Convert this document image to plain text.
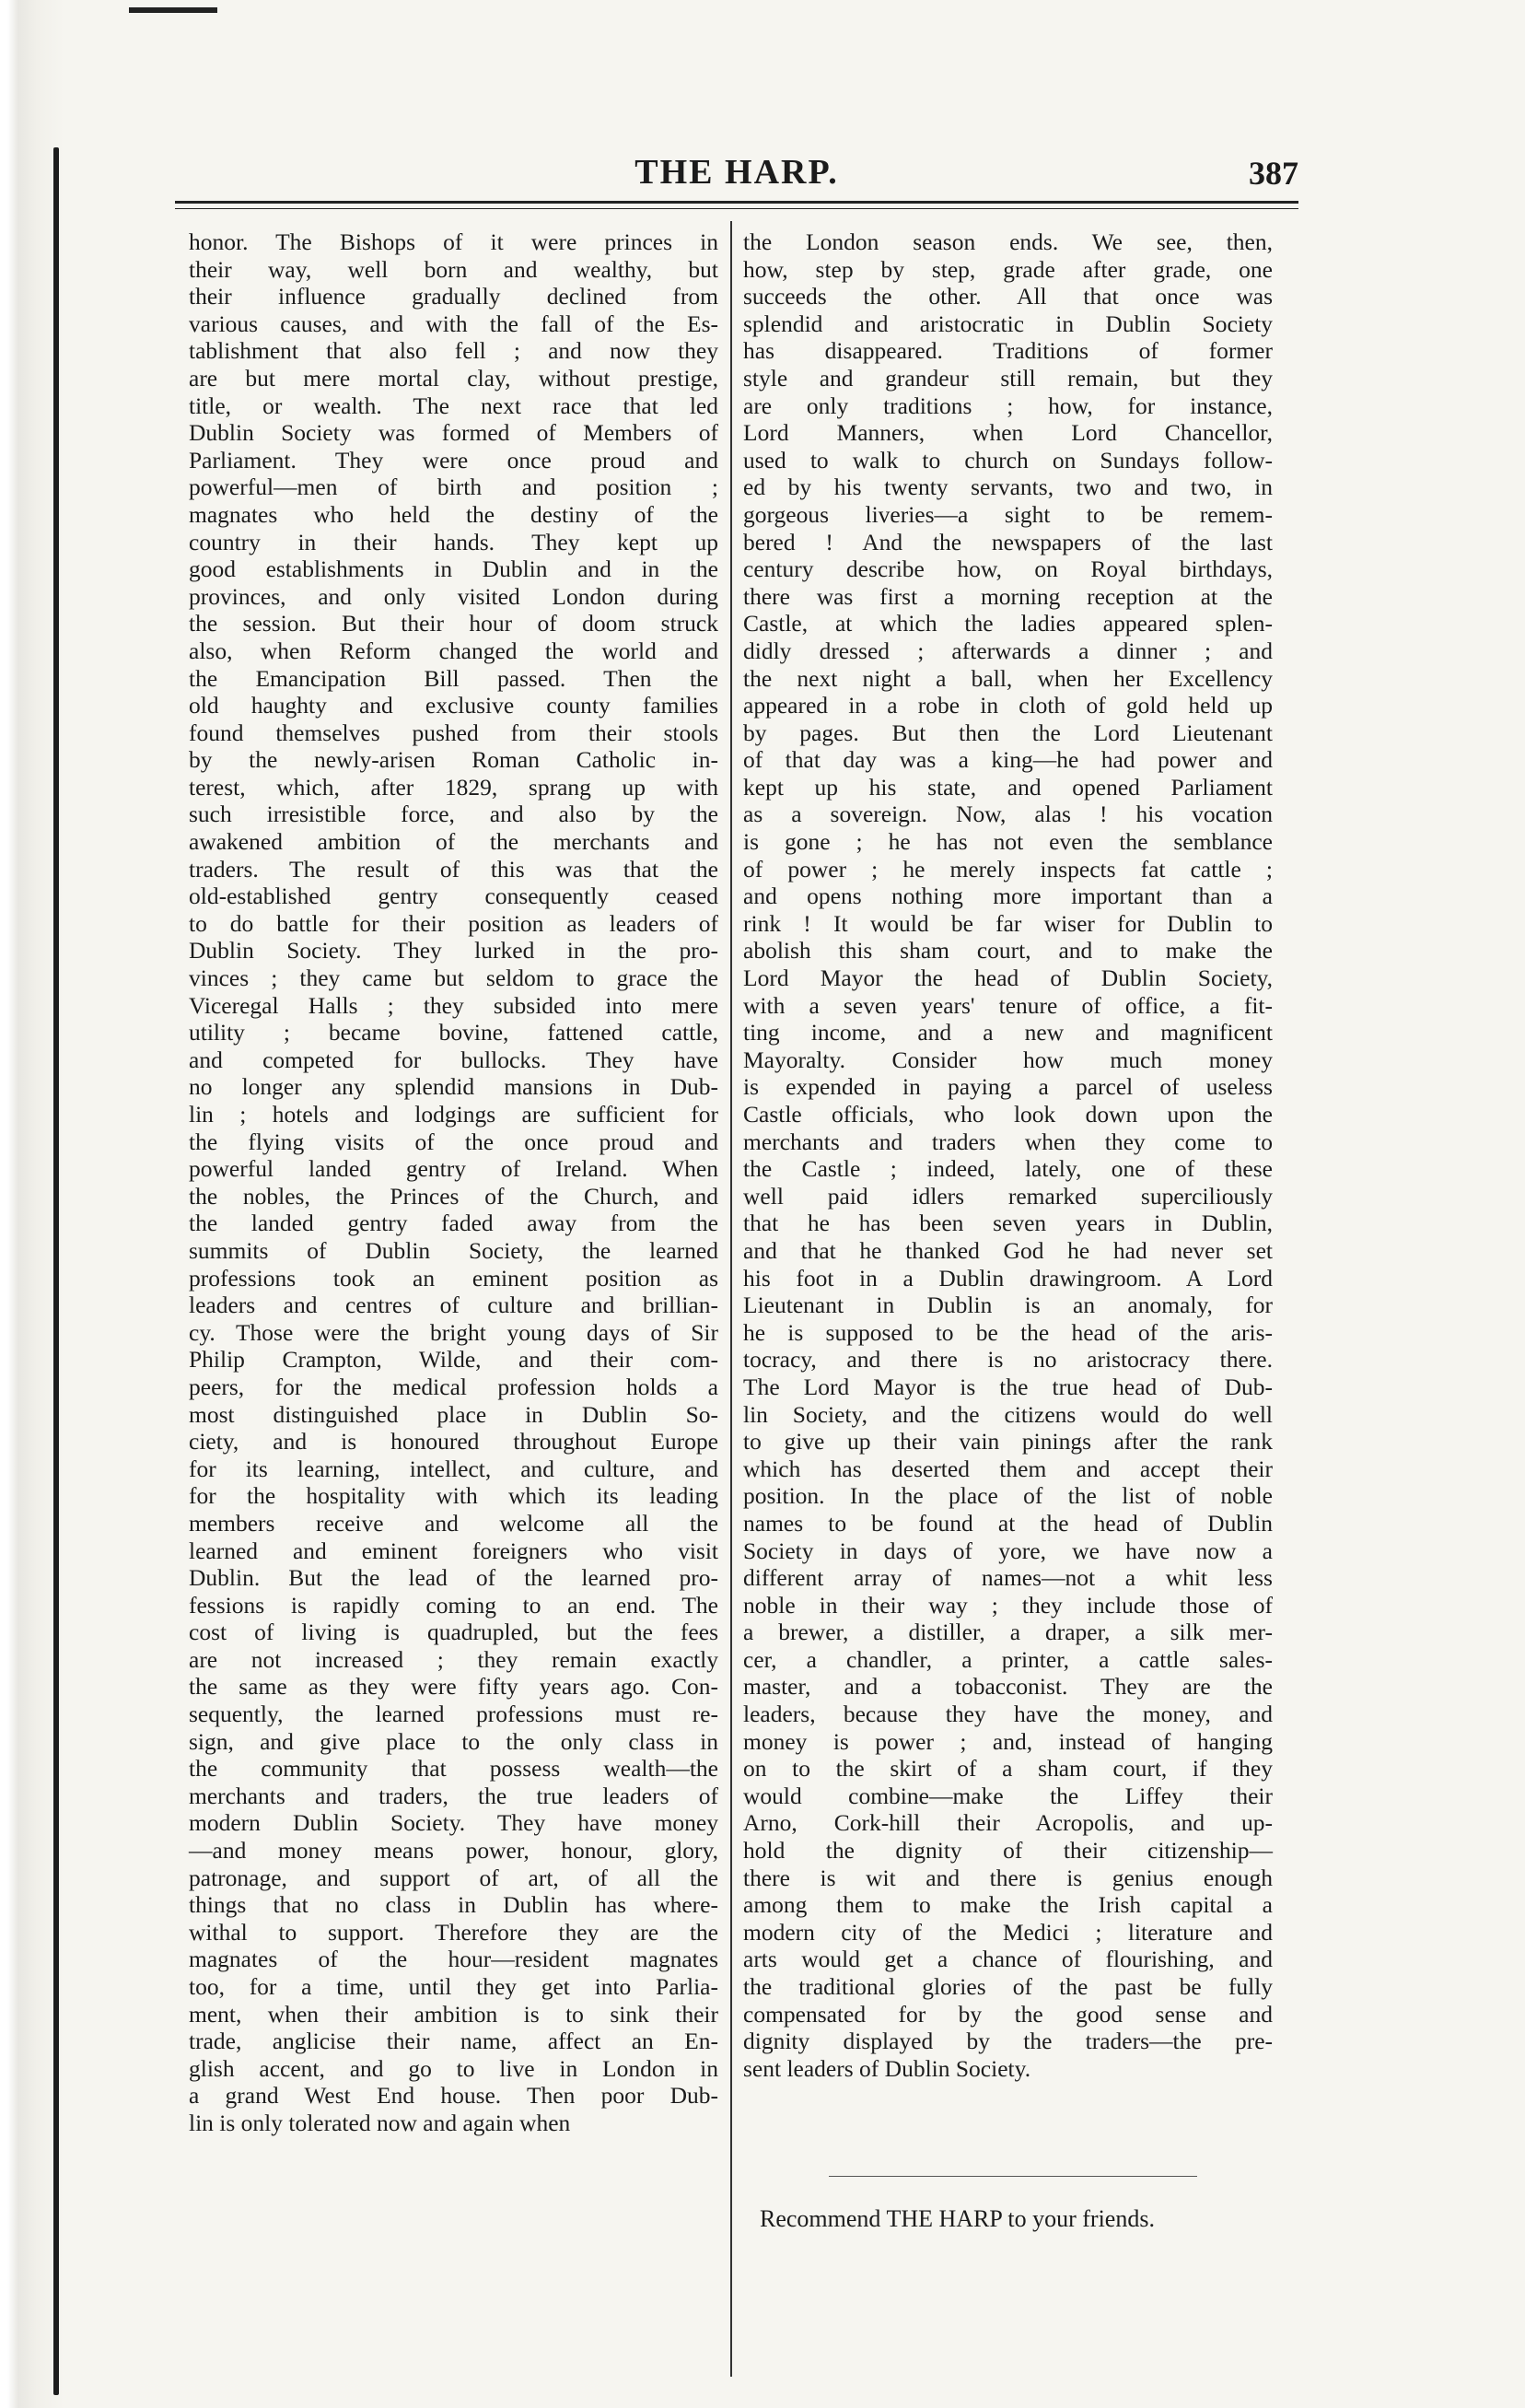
THE HARP.	387
honor. The Bishops of it were princes in
their way, well born and wealthy, but
their influence gradually declined from
various causes, and with the fall of the Es-
tablishment that also fell ; and now they
are but mere mortal clay, without prestige,
title, or wealth. The next race that led
Dublin Society was formed of Members of
Parliament. They were once proud and
powerful—men of birth and position ;
magnates who held the destiny of the
country in their hands. They kept up
good establishments in Dublin and in the
provinces, and only visited London during
the session. But their hour of doom struck
also, when Reform changed the world and
the Emancipation Bill passed. Then the
old haughty and exclusive county families
found themselves pushed from their stools
by the newly-arisen Roman Catholic in-
terest, which, after 1829, sprang up with
such irresistible force, and also by the
awakened ambition of the merchants and
traders. The result of this was that the
old-established gentry consequently ceased
to do battle for their position as leaders of
Dublin Society. They lurked in the pro-
vinces ; they came but seldom to grace the
Viceregal Halls ; they subsided into mere
utility ; became bovine, fattened cattle,
and competed for bullocks. They have
no longer any splendid mansions in Dub-
lin ; hotels and lodgings are sufficient for
the flying visits of the once proud and
powerful landed gentry of Ireland. When
the nobles, the Princes of the Church, and
the landed gentry faded away from the
summits of Dublin Society, the learned
professions took an eminent position as
leaders and centres of culture and brillian-
cy. Those were the bright young days of Sir
Philip Crampton, Wilde, and their com-
peers, for the medical profession holds a
most distinguished place in Dublin So-
ciety, and is honoured throughout Europe
for its learning, intellect, and culture, and
for the hospitality with which its leading
members receive and welcome all the
learned and eminent foreigners who visit
Dublin. But the lead of the learned pro-
fessions is rapidly coming to an end. The
cost of living is quadrupled, but the fees
are not increased ; they remain exactly
the same as they were fifty years ago. Con-
sequently, the learned professions must re-
sign, and give place to the only class in
the community that possess wealth—the
merchants and traders, the true leaders of
modern Dublin Society. They have money
—and money means power, honour, glory,
patronage, and support of art, of all the
things that no class in Dublin has where-
withal to support. Therefore they are the
magnates of the hour—resident magnates
too, for a time, until they get into Parlia-
ment, when their ambition is to sink their
trade, anglicise their name, affect an En-
glish accent, and go to live in London in
a grand West End house. Then poor Dub-
lin is only tolerated now and again when
the London season ends. We see, then,
how, step by step, grade after grade, one
succeeds the other. All that once was
splendid and aristocratic in Dublin Society
has disappeared. Traditions of former
style and grandeur still remain, but they
are only traditions ; how, for instance,
Lord Manners, when Lord Chancellor,
used to walk to church on Sundays follow-
ed by his twenty servants, two and two, in
gorgeous liveries—a sight to be remem-
bered ! And the newspapers of the last
century describe how, on Royal birthdays,
there was first a morning reception at the
Castle, at which the ladies appeared splen-
didly dressed ; afterwards a dinner ; and
the next night a ball, when her Excellency
appeared in a robe in cloth of gold held up
by pages. But then the Lord Lieutenant
of that day was a king—he had power and
kept up his state, and opened Parliament
as a sovereign. Now, alas ! his vocation
is gone ; he has not even the semblance
of power ; he merely inspects fat cattle ;
and opens nothing more important than a
rink ! It would be far wiser for Dublin to
abolish this sham court, and to make the
Lord Mayor the head of Dublin Society,
with a seven years' tenure of office, a fit-
ting income, and a new and magnificent
Mayoralty. Consider how much money
is expended in paying a parcel of useless
Castle officials, who look down upon the
merchants and traders when they come to
the Castle ; indeed, lately, one of these
well paid idlers remarked superciliously
that he has been seven years in Dublin,
and that he thanked God he had never set
his foot in a Dublin drawingroom. A Lord
Lieutenant in Dublin is an anomaly, for
he is supposed to be the head of the aris-
tocracy, and there is no aristocracy there.
The Lord Mayor is the true head of Dub-
lin Society, and the citizens would do well
to give up their vain pinings after the rank
which has deserted them and accept their
position. In the place of the list of noble
names to be found at the head of Dublin
Society in days of yore, we have now a
different array of names—not a whit less
noble in their way ; they include those of
a brewer, a distiller, a draper, a silk mer-
cer, a chandler, a printer, a cattle sales-
master, and a tobacconist. They are the
leaders, because they have the money, and
money is power ; and, instead of hanging
on to the skirt of a sham court, if they
would combine—make the Liffey their
Arno, Cork-hill their Acropolis, and up-
hold the dignity of their citizenship—
there is wit and there is genius enough
among them to make the Irish capital a
modern city of the Medici ; literature and
arts would get a chance of flourishing, and
the traditional glories of the past be fully
compensated for by the good sense and
dignity displayed by the traders—the pre-
sent leaders of Dublin Society.
Recommend THE HARP to your friends.
